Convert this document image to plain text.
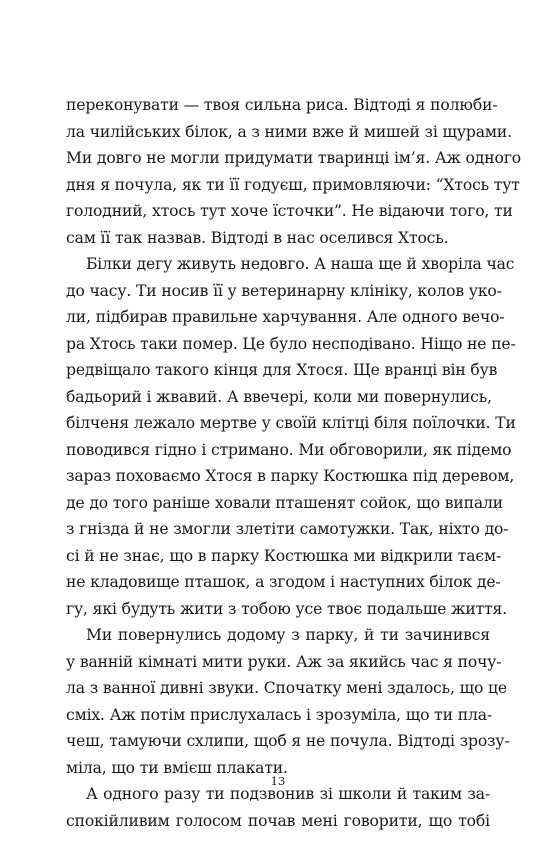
переконувати — твоя сильна риса. Відтоді я полюби-
ла чилійських білок, а з ними вже й мишей зі щурами.
Ми довго не могли придумати тваринці ім’я. Аж одного
дня я почула, як ти її годуєш, примовляючи: “Хтось тут
голодний, хтось тут хоче їсточки”. Не відаючи того, ти
сам її так назвав. Відтоді в нас оселився Хтось.
Білки дегу живуть недовго. А наша ще й хворіла час
до часу. Ти носив її у ветеринарну клініку, колов уко-
ли, підбирав правильне харчування. Але одного вечо-
ра Хтось таки помер. Це було несподівано. Ніщо не пе-
редвіщало такого кінця для Хтося. Ще вранці він був
бадьорий і жвавий. А ввечері, коли ми повернулись,
білченя лежало мертве у своїй клітці біля поїлочки. Ти
поводився гідно і стримано. Ми обговорили, як підемо
зараз поховаємо Хтося в парку Костюшка під деревом,
де до того раніше ховали пташенят сойок, що випали
з гнізда й не змогли злетіти самотужки. Так, ніхто до-
сі й не знає, що в парку Костюшка ми відкрили таєм-
не кладовище пташок, а згодом і наступних білок де-
гу, які будуть жити з тобою усе твоє подальше життя.
Ми повернулись додому з парку, й ти зачинився
у ванній кімнаті мити руки. Аж за якийсь час я почу-
ла з ванної дивні звуки. Спочатку мені здалось, що це
сміх. Аж потім прислухалась і зрозуміла, що ти пла-
чеш, тамуючи схлипи, щоб я не почула. Відтоді зрозу-
міла, що ти вмієш плакати.
А одного разу ти подзвонив зі школи й таким за-
спокійливим голосом почав мені говорити, що тобі
13
